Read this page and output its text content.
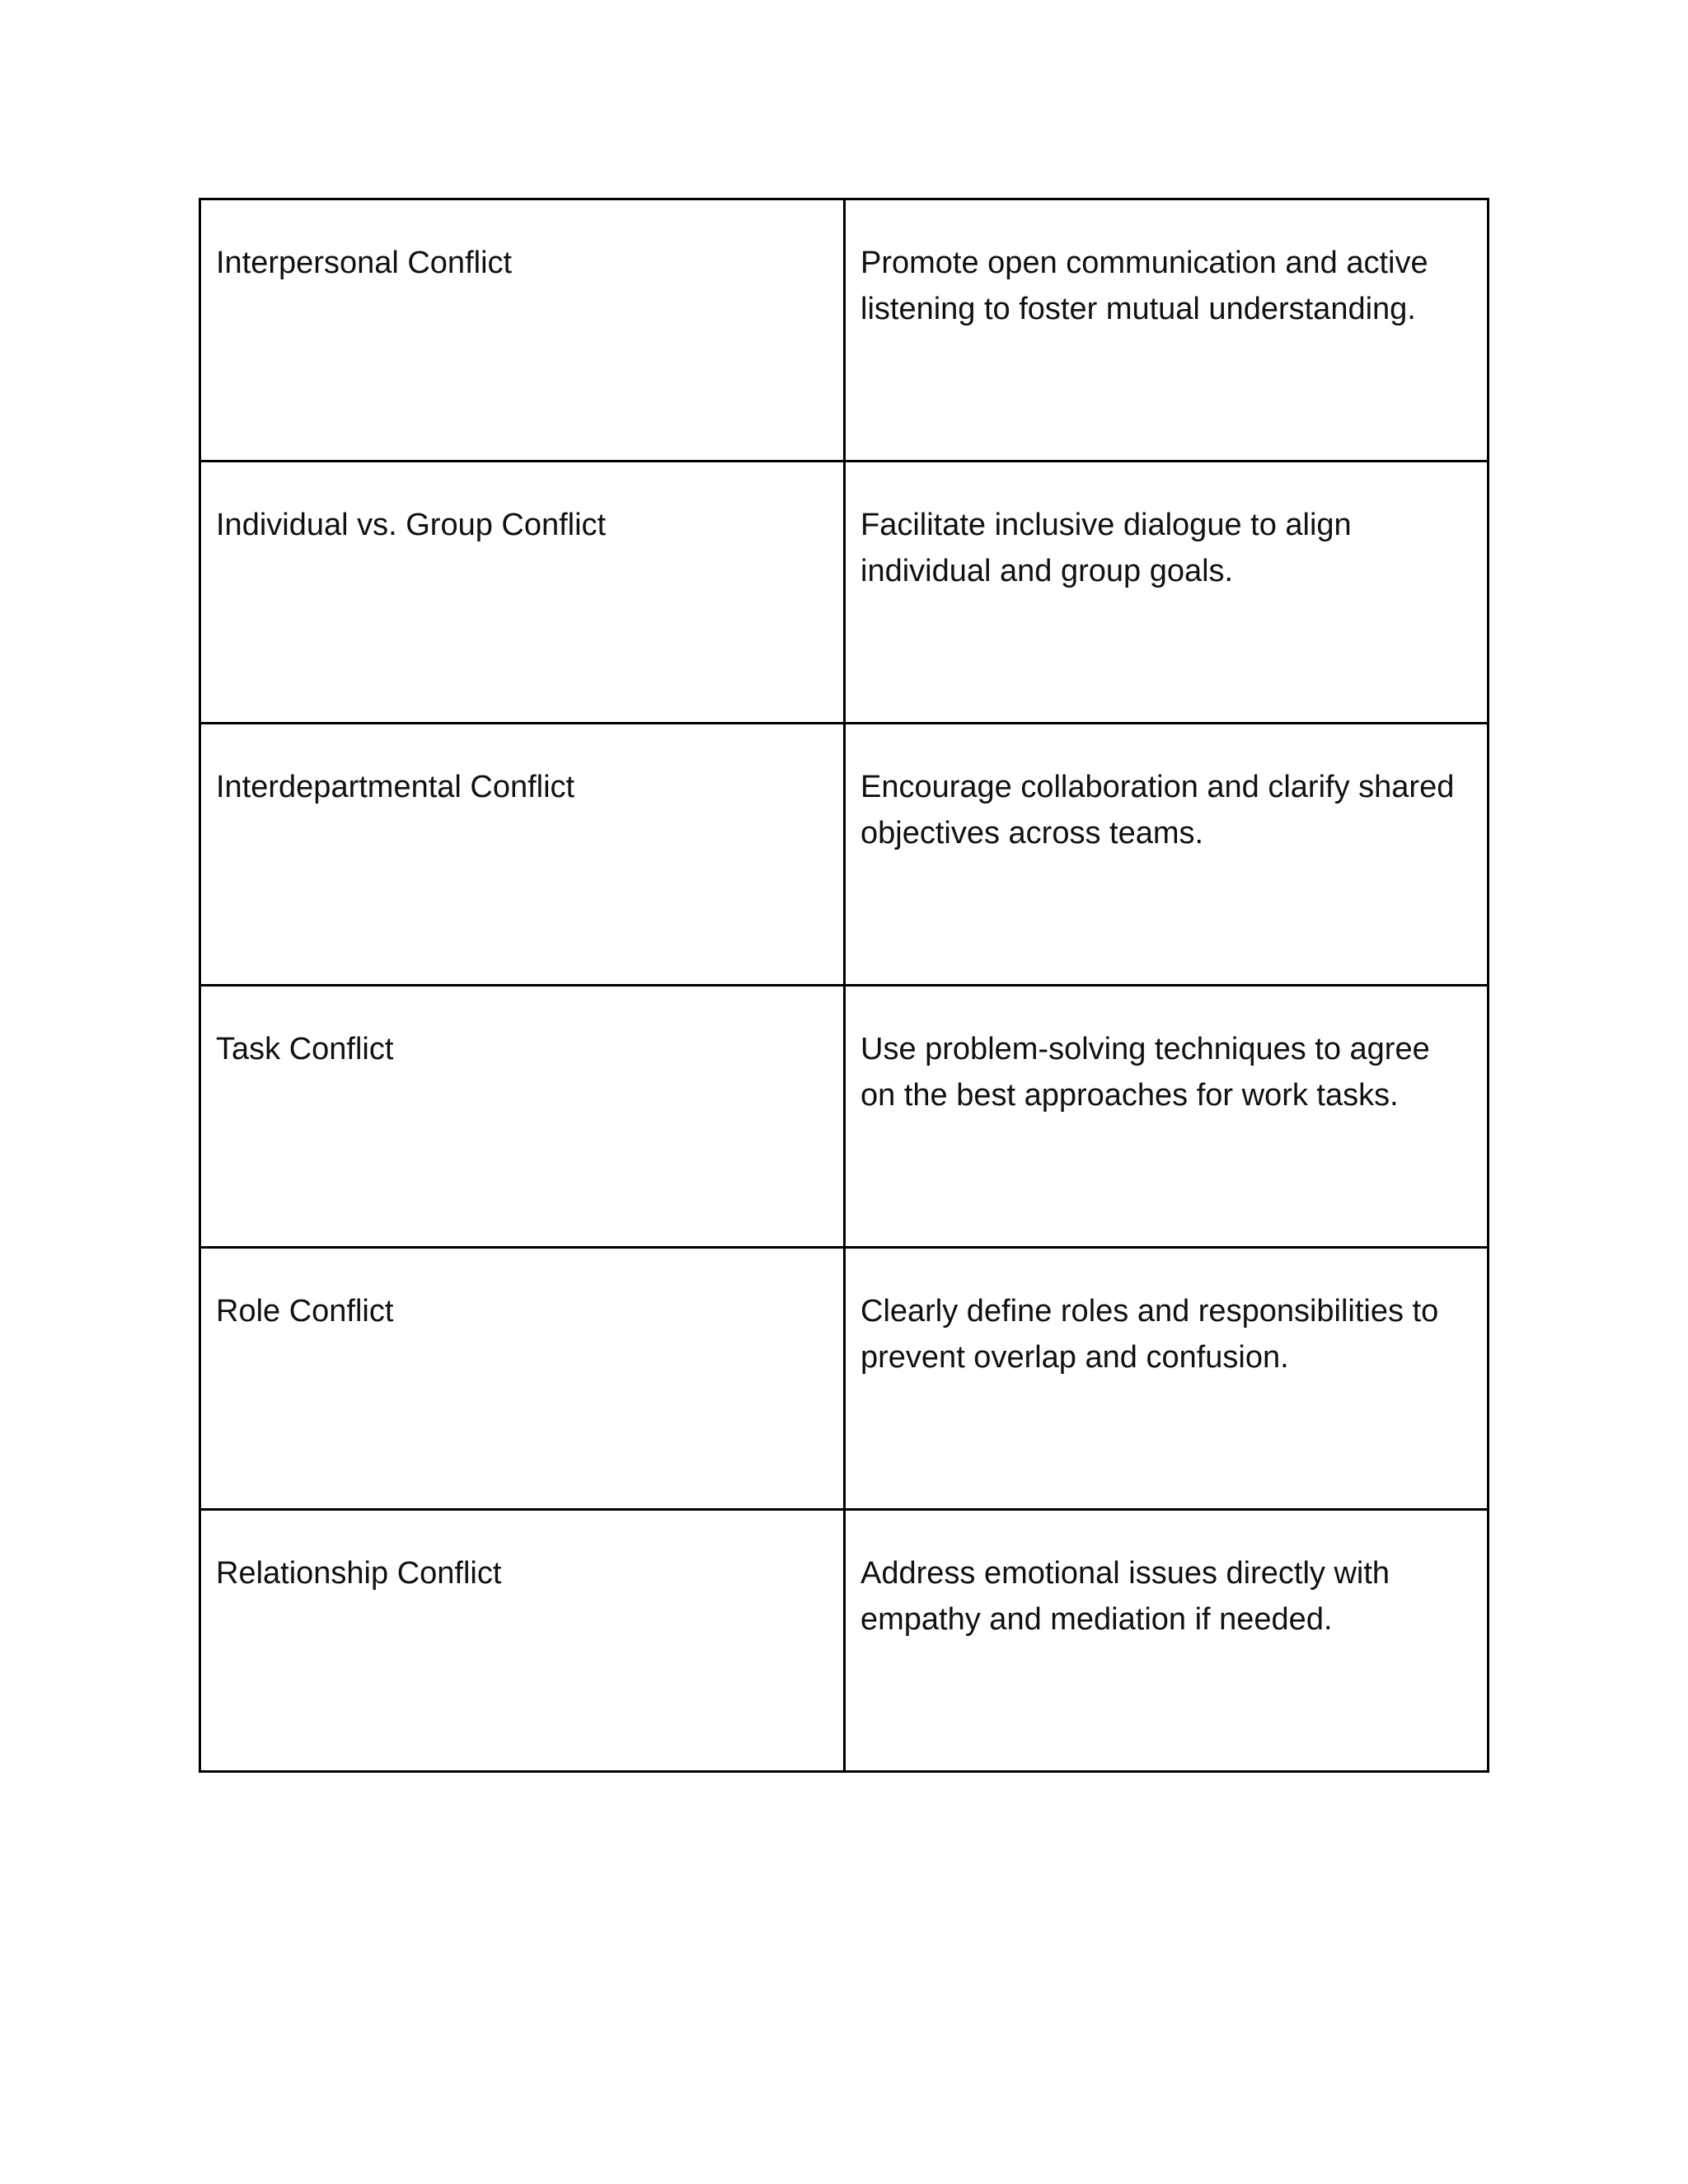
Interpersonal Conflict	Promote open communication and active listening to foster mutual understanding.
Individual vs. Group Conflict	Facilitate inclusive dialogue to align individual and group goals.
Interdepartmental Conflict	Encourage collaboration and clarify shared objectives across teams.
Task Conflict	Use problem-solving techniques to agree on the best approaches for work tasks.
Role Conflict	Clearly define roles and responsibilities to prevent overlap and confusion.
Relationship Conflict	Address emotional issues directly with empathy and mediation if needed.
